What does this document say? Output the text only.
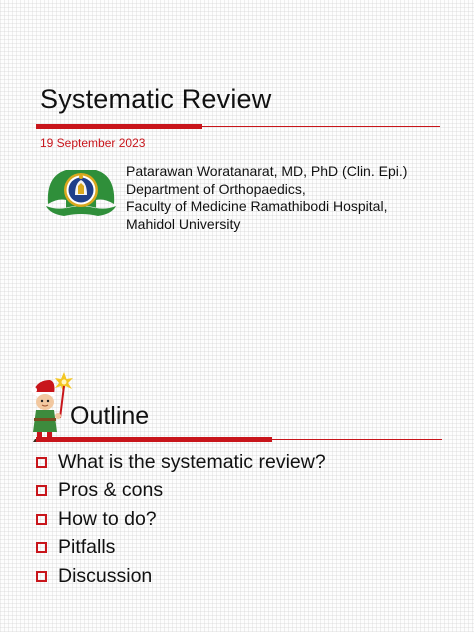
Systematic Review
19 September 2023
Patarawan Woratanarat, MD, PhD (Clin. Epi.)
Department of Orthopaedics,
Faculty of Medicine Ramathibodi Hospital,
Mahidol University
Outline
What is the systematic review?
Pros & cons
How to do?
Pitfalls
Discussion
